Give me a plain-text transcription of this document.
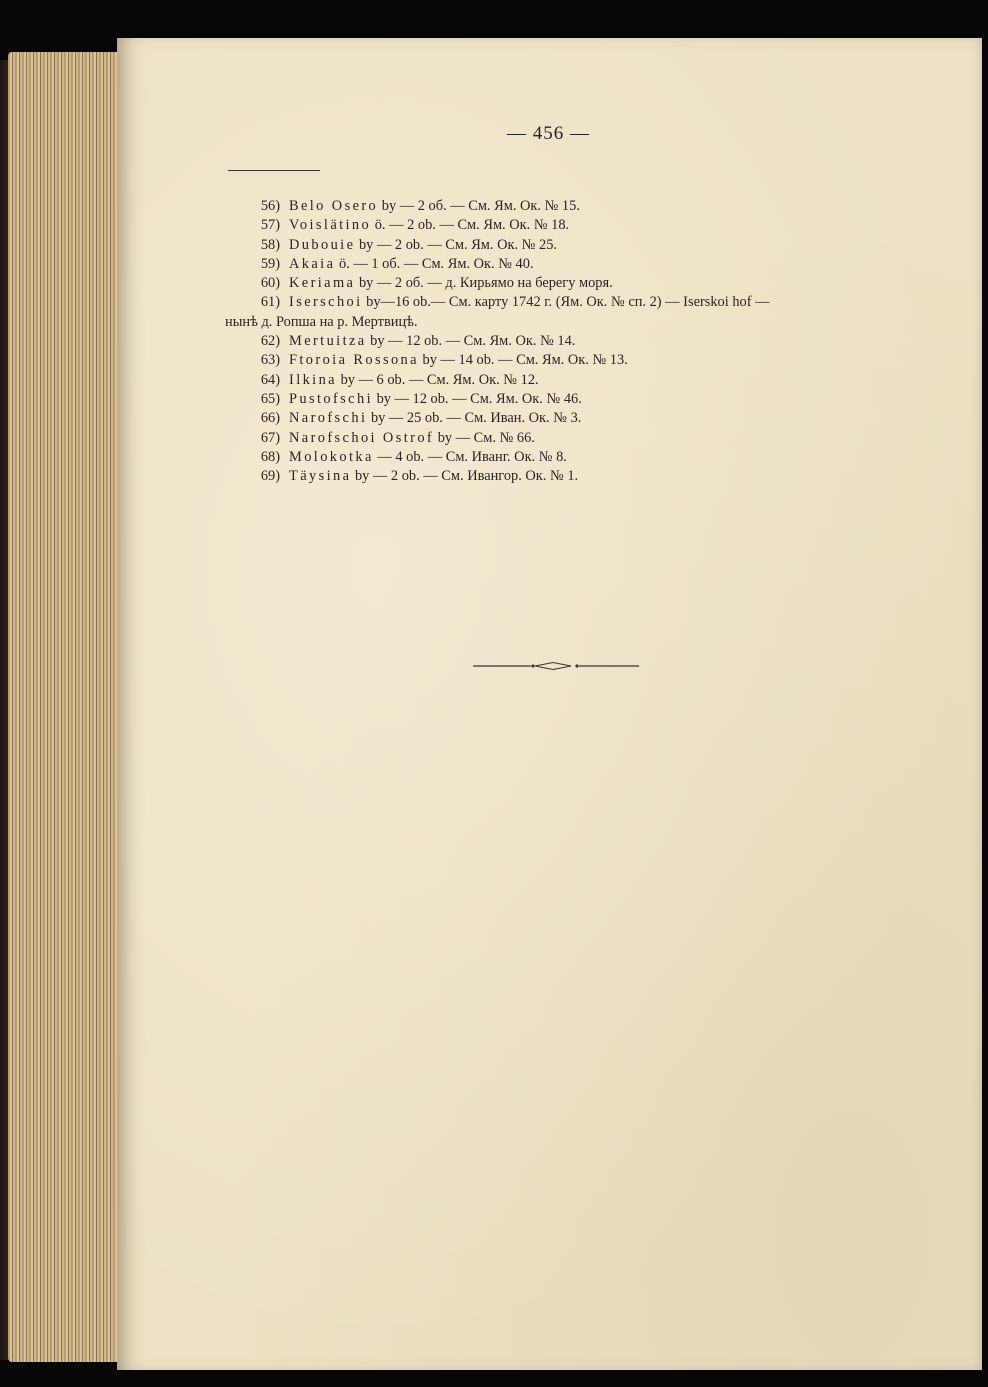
— 456 —
56) Belo Osero by — 2 об. — См. Ям. Ок. № 15.
57) Voislätino ö. — 2 ob. — См. Ям. Ок. № 18.
58) Dubouie by — 2 ob. — См. Ям. Ок. № 25.
59) Akaia ö. — 1 об. — См. Ям. Ок. № 40.
60) Keriama by — 2 об. — д. Кирьямо на берегу моря.
61) Iserschoi by—16 ob.— См. карту 1742 г. (Ям. Ок. № сп. 2) — Iserskoi hof —
нынѣ д. Ропша на р. Мертвицѣ.
62) Mertuitza by — 12 ob. — См. Ям. Ок. № 14.
63) Ftoroia Rossona by — 14 ob. — См. Ям. Ок. № 13.
64) Ilkina by — 6 ob. — См. Ям. Ок. № 12.
65) Pustofschi by — 12 ob. — См. Ям. Ок. № 46.
66) Narofschi by — 25 ob. — См. Иван. Ок. № 3.
67) Narofschoi Ostrof by — См. № 66.
68) Molokotka — 4 ob. — См. Иванг. Ок. № 8.
69) Täysina by — 2 ob. — См. Ивангор. Ок. № 1.
